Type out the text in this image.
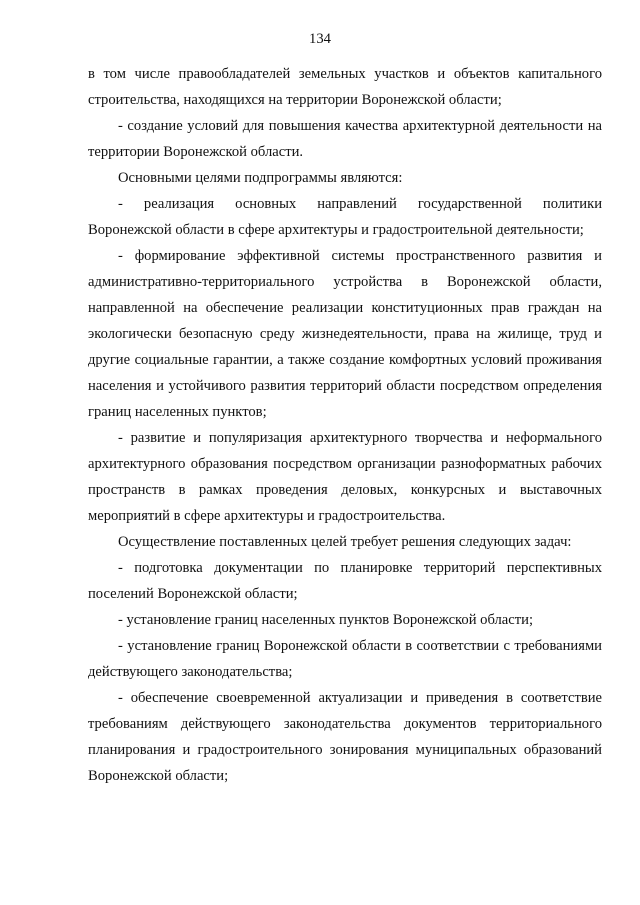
134

в том числе правообладателей земельных участков и объектов капитального строительства, находящихся на территории Воронежской области;

- создание условий для повышения качества архитектурной деятельности на территории Воронежской области.

Основными целями подпрограммы являются:

- реализация основных направлений государственной политики Воронежской области в сфере архитектуры и градостроительной деятельности;

- формирование эффективной системы пространственного развития и административно-территориального устройства в Воронежской области, направленной на обеспечение реализации конституционных прав граждан на экологически безопасную среду жизнедеятельности, права на жилище, труд и другие социальные гарантии, а также создание комфортных условий проживания населения и устойчивого развития территорий области посредством определения границ населенных пунктов;

- развитие и популяризация архитектурного творчества и неформального архитектурного образования посредством организации разноформатных рабочих пространств в рамках проведения деловых, конкурсных и выставочных мероприятий в сфере архитектуры и градостроительства.

Осуществление поставленных целей требует решения следующих задач:

- подготовка документации по планировке территорий перспективных поселений Воронежской области;

- установление границ населенных пунктов Воронежской области;

- установление границ Воронежской области в соответствии с требованиями действующего законодательства;

- обеспечение своевременной актуализации и приведения в соответствие требованиям действующего законодательства документов территориального планирования и градостроительного зонирования муниципальных образований Воронежской области;
